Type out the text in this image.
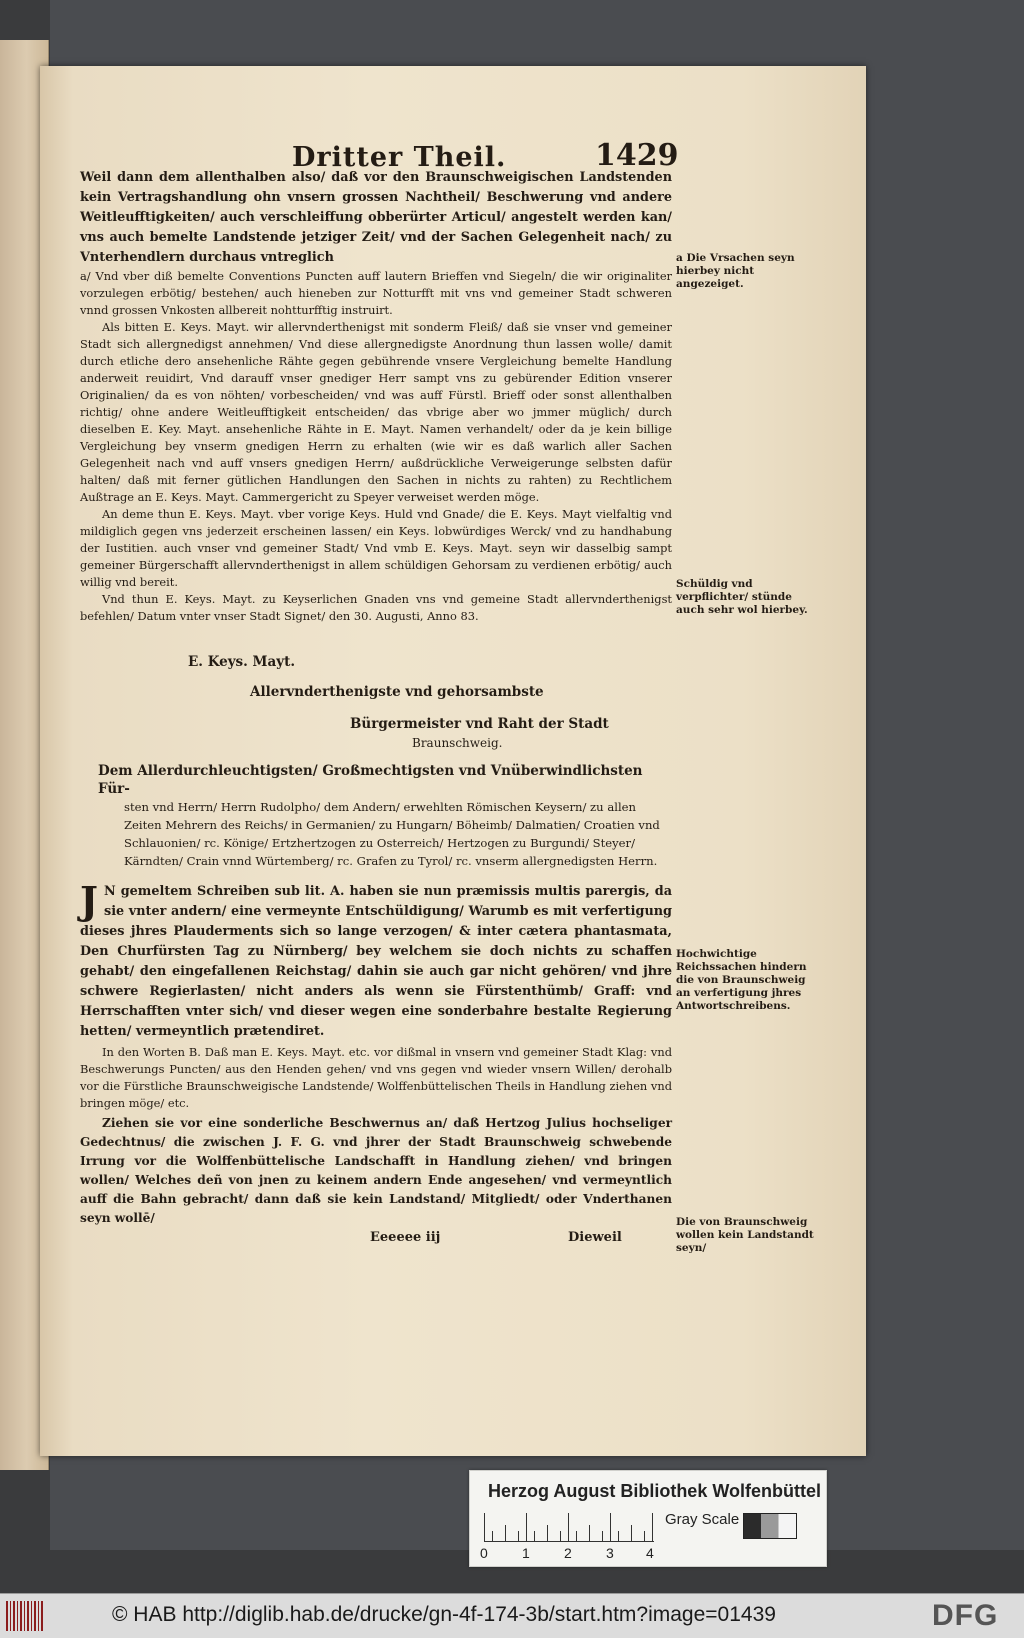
Dritter Theil.	1429

Weil dann dem allenthalben also/ daß vor den Braunschweigischen Landstenden kein Vertragshandlung ohn vnsern grossen Nachtheil/ Beschwerung vnd andere Weitleufftigkeiten/ auch verschleiffung obberürter Articul/ angestelt werden kan/ vns auch bemelte Landstende jetziger Zeit/ vnd der Sachen Gelegenheit nach/ zu Vnterhendlern durchaus vntreglich

a/ Vnd vber diß bemelte Conventions Puncten auff lautern Brieffen vnd Siegeln/ die wir originaliter vorzulegen erbötig/ bestehen/ auch hieneben zur Notturfft mit vns vnd gemeiner Stadt schweren vnnd grossen Vnkosten allbereit nohtturfftig instruirt.

Als bitten E. Keys. Mayt. wir allervnderthenigst mit sonderm Fleiß/ daß sie vnser vnd gemeiner Stadt sich allergnedigst annehmen/ Vnd diese allergnedigste Anordnung thun lassen wolle/ damit durch etliche dero ansehenliche Rähte gegen gebührende vnsere Vergleichung bemelte Handlung anderweit reuidirt, Vnd darauff vnser gnediger Herr sampt vns zu gebürender Edition vnserer Originalien/ da es von nöhten/ vorbescheiden/ vnd was auff Fürstl. Brieff oder sonst allenthalben richtig/ ohne andere Weitleufftigkeit entscheiden/ das vbrige aber wo jmmer müglich/ durch dieselben E. Key. Mayt. ansehenliche Rähte in E. Mayt. Namen verhandelt/ oder da je kein billige Vergleichung bey vnserm gnedigen Herrn zu erhalten (wie wir es daß warlich aller Sachen Gelegenheit nach vnd auff vnsers gnedigen Herrn/ außdrückliche Verweigerunge selbsten dafür halten/ daß mit ferner gütlichen Handlungen den Sachen in nichts zu rahten) zu Rechtlichem Außtrage an E. Keys. Mayt. Cammergericht zu Speyer verweiset werden möge.

An deme thun E. Keys. Mayt. vber vorige Keys. Huld vnd Gnade/ die E. Keys. Mayt vielfaltig vnd mildiglich gegen vns jederzeit erscheinen lassen/ ein Keys. lobwürdiges Werck/ vnd zu handhabung der Iustitien. auch vnser vnd gemeiner Stadt/ Vnd vmb E. Keys. Mayt. seyn wir dasselbig sampt gemeiner Bürgerschafft allervnderthenigst in allem schüldigen Gehorsam zu verdienen erbötig/ auch willig vnd bereit.

Vnd thun E. Keys. Mayt. zu Keyserlichen Gnaden vns vnd gemeine Stadt allervnderthenigst befehlen/ Datum vnter vnser Stadt Signet/ den 30. Augusti, Anno 83.

E. Keys. Mayt.
Allervnderthenigste vnd gehorsambste
Bürgermeister vnd Raht der Stadt
Braunschweig.
Dem Allerdurchleuchtigsten/ Großmechtigsten vnd Vnüberwindlichsten Für-
sten vnd Herrn/ Herrn Rudolpho/ dem Andern/ erwehlten Römischen Keysern/ zu allen Zeiten Mehrern des Reichs/ in Germanien/ zu Hungarn/ Böheimb/ Dalmatien/ Croatien vnd Schlauonien/ rc. Könige/ Ertzhertzogen zu Osterreich/ Hertzogen zu Burgundi/ Steyer/ Kärndten/ Crain vnnd Würtemberg/ rc. Grafen zu Tyrol/ rc. vnserm allergnedigsten Herrn.

J N gemeltem Schreiben sub lit. A. haben sie nun præmissis multis parergis, da sie vnter andern/ eine vermeynte Entschüldigung/ Warumb es mit verfertigung dieses jhres Plauderments sich so lange verzogen/ & inter cætera phantasmata, Den Churfürsten Tag zu Nürnberg/ bey welchem sie doch nichts zu schaffen gehabt/ den eingefallenen Reichstag/ dahin sie auch gar nicht gehören/ vnd jhre schwere Regierlasten/ nicht anders als wenn sie Fürstenthümb/ Graff: vnd Herrschafften vnter sich/ vnd dieser wegen eine sonderbahre bestalte Regierung hetten/ vermeyntlich prætendiret.

In den Worten B. Daß man E. Keys. Mayt. etc. vor dißmal in vnsern vnd gemeiner Stadt Klag: vnd Beschwerungs Puncten/ aus den Henden gehen/ vnd vns gegen vnd wieder vnsern Willen/ derohalb vor die Fürstliche Braunschweigische Landstende/ Wolffenbüttelischen Theils in Handlung ziehen vnd bringen möge/ etc.

Ziehen sie vor eine sonderliche Beschwernus an/ daß Hertzog Julius hochseliger Gedechtnus/ die zwischen J. F. G. vnd jhrer der Stadt Braunschweig schwebende Irrung vor die Wolffenbüttelische Landschafft in Handlung ziehen/ vnd bringen wollen/ Welches deñ von jnen zu keinem andern Ende angesehen/ vnd vermeyntlich auff die Bahn gebracht/ dann daß sie kein Landstand/ Mitgliedt/ oder Vnderthanen seyn wollē/

Eeeeee iij	Dieweil
a Die Vrsachen seyn hierbey nicht angezeiget.
Schüldig vnd verpflichter/ stünde auch sehr wol hierbey.
Hochwichtige Reichssachen hindern die von Braunschweig an verfertigung jhres Antwortschreibens.
Die von Braunschweig wollen kein Landstandt seyn/
Herzog August Bibliothek Wolfenbüttel
0 1 2 3 4
Gray Scale
© HAB http://diglib.hab.de/drucke/gn-4f-174-3b/start.htm?image=01439	DFG
